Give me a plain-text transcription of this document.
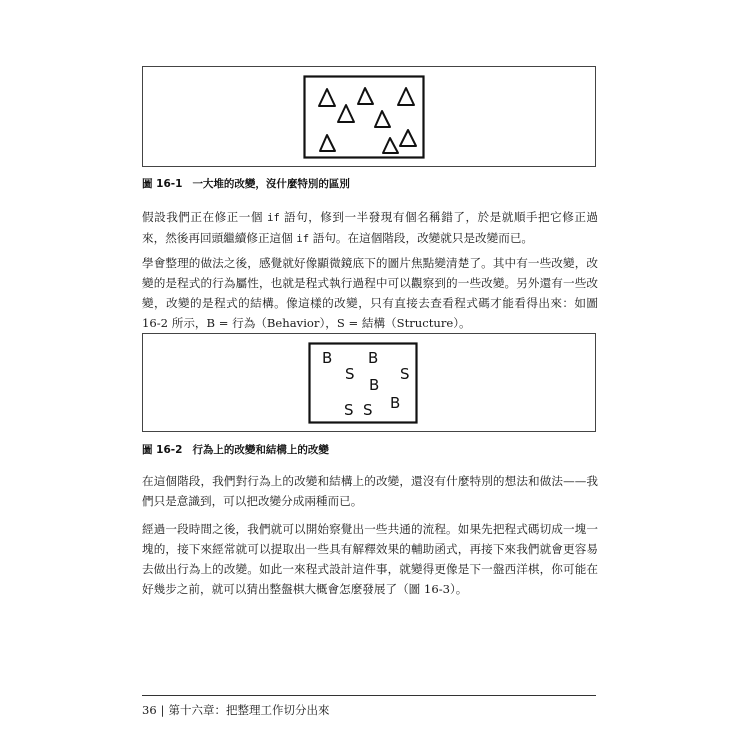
圖 16-1 一大堆的改變，沒什麼特別的區別

假設我們正在修正一個 if 語句，修到一半發現有個名稱錯了，於是就順手把它修正過來，然後再回頭繼續修正這個 if 語句。在這個階段，改變就只是改變而已。

學會整理的做法之後，感覺就好像顯微鏡底下的圖片焦點變清楚了。其中有一些改變，改變的是程式的行為屬性，也就是程式執行過程中可以觀察到的一些改變。另外還有一些改變，改變的是程式的結構。像這樣的改變，只有直接去查看程式碼才能看得出來：如圖 16-2 所示，B = 行為（Behavior），S = 結構（Structure）。

B B
S	S
B
S S B
圖 16-2 行為上的改變和結構上的改變

在這個階段，我們對行為上的改變和結構上的改變，還沒有什麼特別的想法和做法——我們只是意識到，可以把改變分成兩種而已。

經過一段時間之後，我們就可以開始察覺出一些共通的流程。如果先把程式碼切成一塊一塊的，接下來經常就可以提取出一些具有解釋效果的輔助函式，再接下來我們就會更容易去做出行為上的改變。如此一來程式設計這件事，就變得更像是下一盤西洋棋，你可能在好幾步之前，就可以猜出整盤棋大概會怎麼發展了（圖 16-3）。

36 | 第十六章：把整理工作切分出來
